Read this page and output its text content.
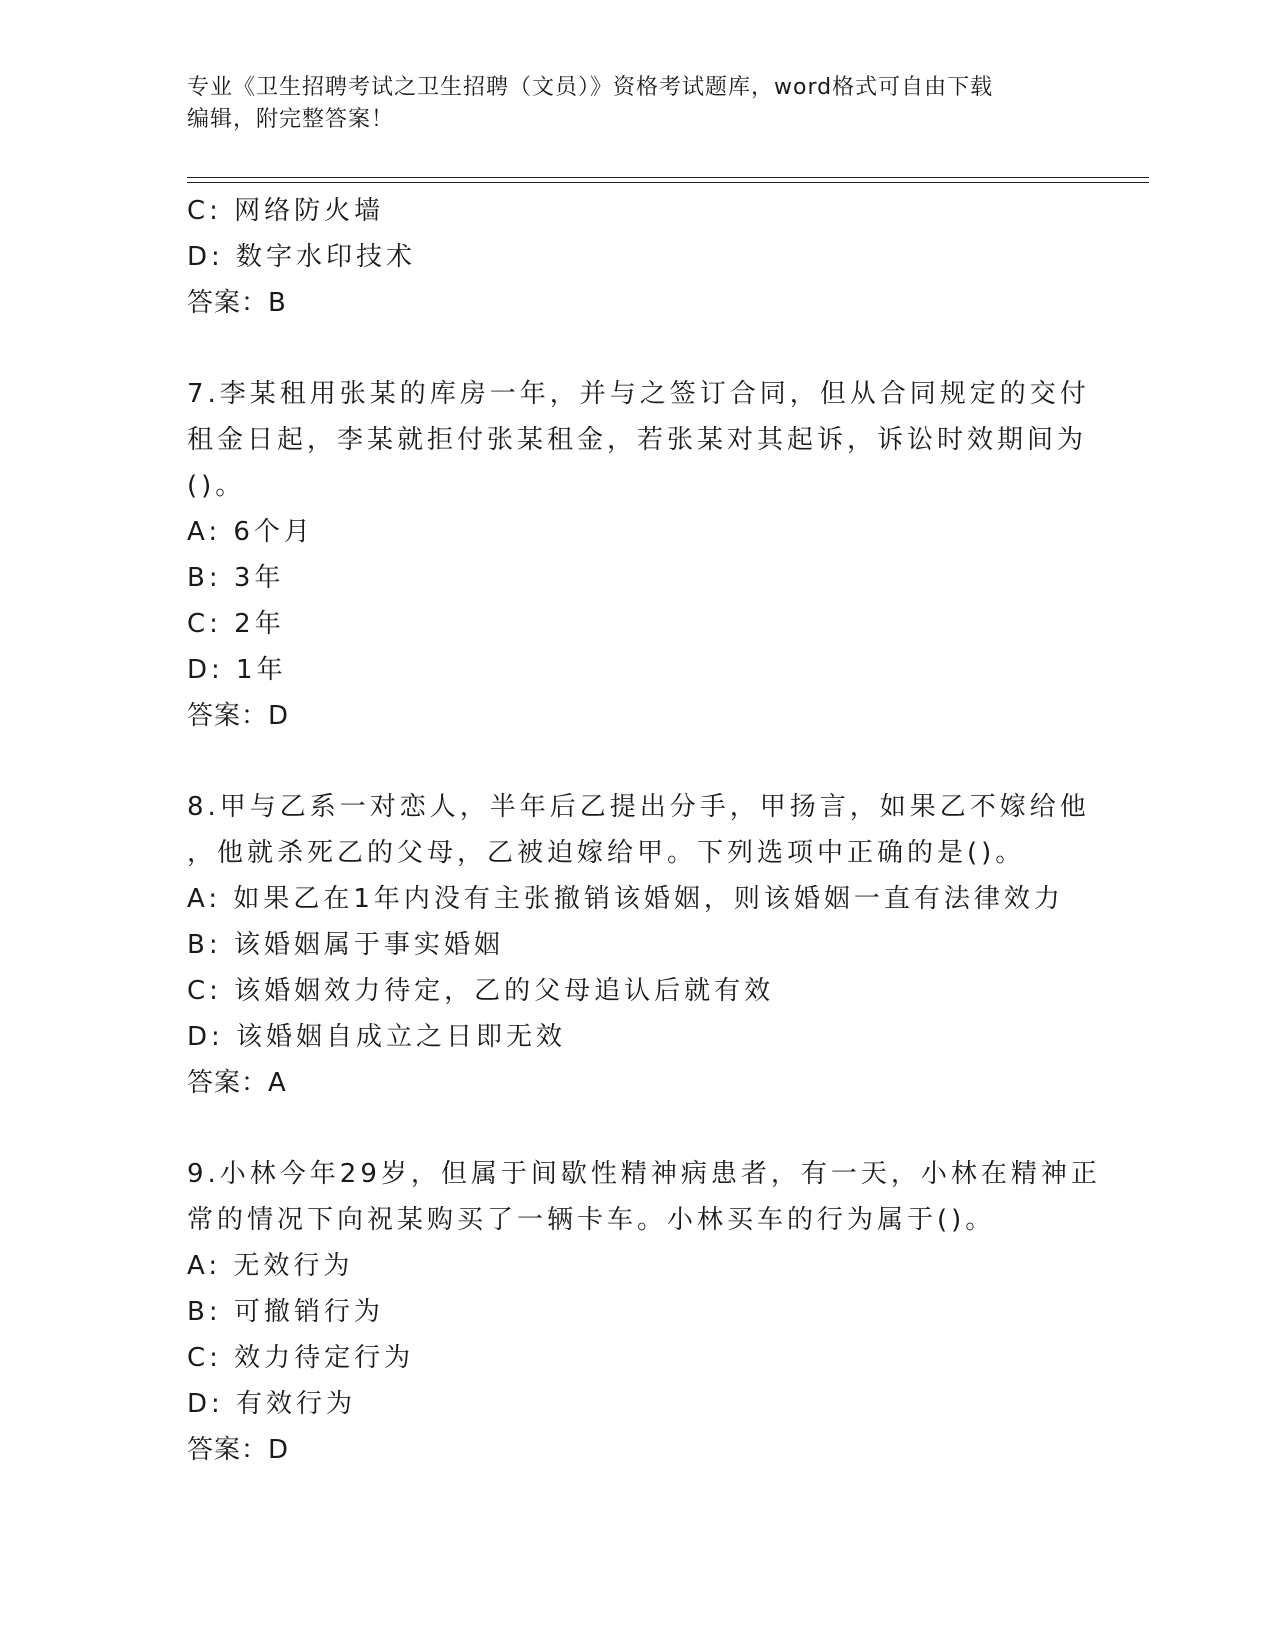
专业《卫生招聘考试之卫生招聘（文员）》资格考试题库，word格式可自由下载
编辑，附完整答案！
C: 网络防火墙
D: 数字水印技术
答案：B
7.李某租用张某的库房一年，并与之签订合同，但从合同规定的交付
租金日起，李某就拒付张某租金，若张某对其起诉，诉讼时效期间为
()。
A: 6个月
B: 3年
C: 2年
D: 1年
答案：D
8.甲与乙系一对恋人，半年后乙提出分手，甲扬言，如果乙不嫁给他
，他就杀死乙的父母，乙被迫嫁给甲。下列选项中正确的是()。
A: 如果乙在1年内没有主张撤销该婚姻，则该婚姻一直有法律效力
B: 该婚姻属于事实婚姻
C: 该婚姻效力待定，乙的父母追认后就有效
D: 该婚姻自成立之日即无效
答案：A
9.小林今年29岁，但属于间歇性精神病患者，有一天，小林在精神正
常的情况下向祝某购买了一辆卡车。小林买车的行为属于()。
A: 无效行为
B: 可撤销行为
C: 效力待定行为
D: 有效行为
答案：D
